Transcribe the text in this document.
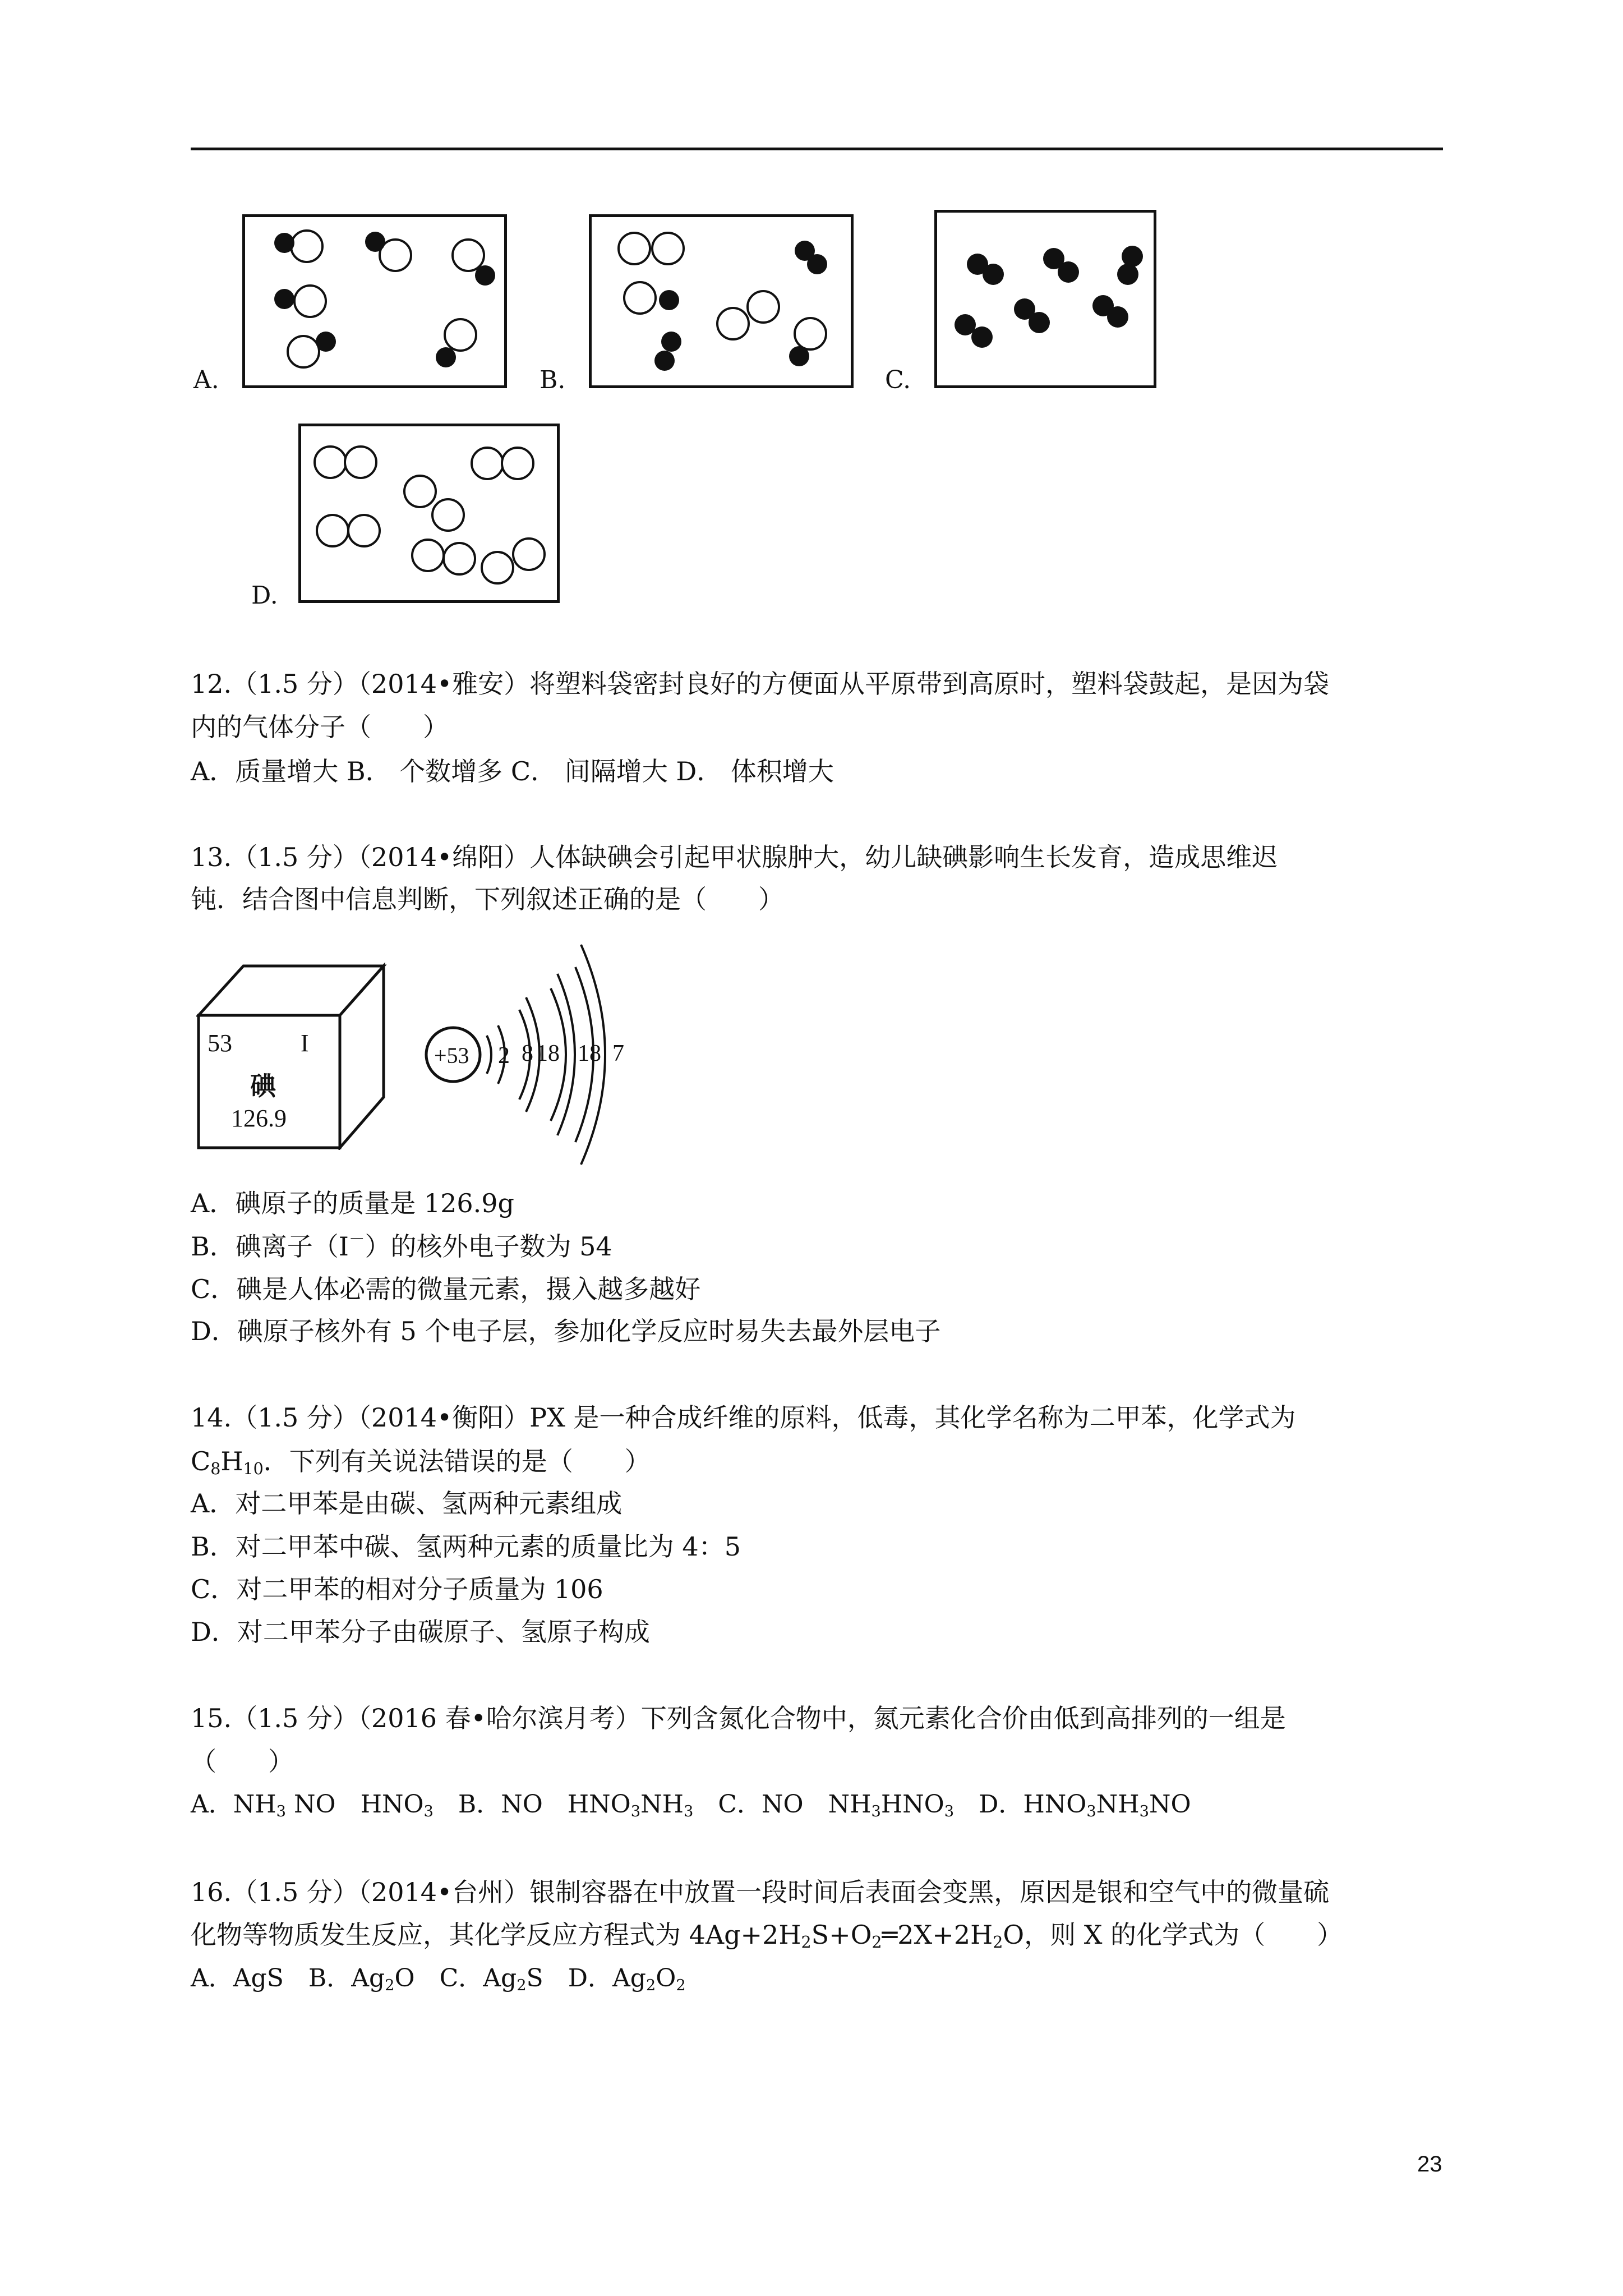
A.	B.	C.
D.
12.（1.5 分）（2014•雅安）将塑料袋密封良好的方便面从平原带到高原时，塑料袋鼓起，是因为袋
内的气体分子（　　）
A．质量增大 B． 个数增多 C． 间隔增大 D． 体积增大
13.（1.5 分）（2014•绵阳）人体缺碘会引起甲状腺肿大，幼儿缺碘影响生长发育，造成思维迟
钝．结合图中信息判断，下列叙述正确的是（　　）
53	I
碘
126.9
+53 2 8 18 18 7
A．碘原子的质量是 126.9g
B．碘离子（I－）的核外电子数为 54
C．碘是人体必需的微量元素，摄入越多越好
D．碘原子核外有 5 个电子层，参加化学反应时易失去最外层电子
14.（1.5 分）（2014•衡阳）PX 是一种合成纤维的原料，低毒，其化学名称为二甲苯，化学式为
$C_8H_{10}$．下列有关说法错误的是（　　）
A．对二甲苯是由碳、氢两种元素组成
B．对二甲苯中碳、氢两种元素的质量比为 4：5
C．对二甲苯的相对分子质量为 106
D．对二甲苯分子由碳原子、氢原子构成
15.（1.5 分）（2016 春•哈尔滨月考）下列含氮化合物中，氮元素化合价由低到高排列的一组是
（　　）
A．$NH_3$ NO　$HNO_3$　B．NO　$HNO_3NH_3$　C．NO　$NH_3HNO_3$　D．$HNO_3NH_3NO$
16.（1.5 分）（2014•台州）银制容器在中放置一段时间后表面会变黑，原因是银和空气中的微量硫
化物等物质发生反应，其化学反应方程式为 $4Ag+2H_2S+O_2═2X+2H_2O$，则 X 的化学式为（　　）
A．AgS　B．$Ag_2O$　C．$Ag_2S$　D．$Ag_2O_2$
23
